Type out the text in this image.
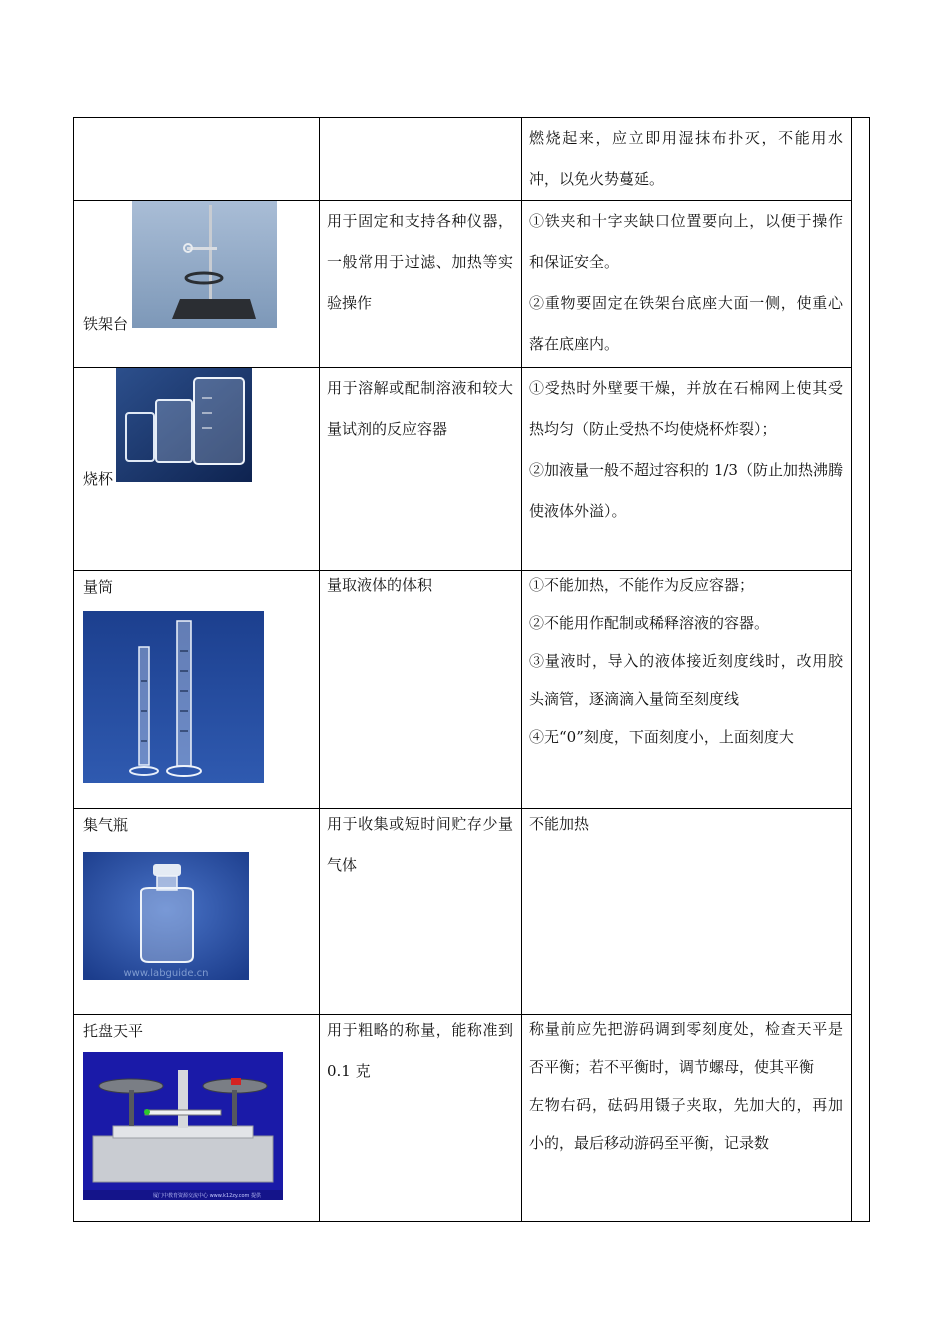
燃烧起来，应立即用湿抹布扑灭，不能用水冲，以免火势蔓延。

铁架台
用于固定和支持各种仪器，一般常用于过滤、加热等实验操作

①铁夹和十字夹缺口位置要向上，以便于操作和保证安全。

②重物要固定在铁架台底座大面一侧，使重心落在底座内。

烧杯
用于溶解或配制溶液和较大量试剂的反应容器

①受热时外壁要干燥，并放在石棉网上使其受热均匀（防止受热不均使烧杯炸裂）；

②加液量一般不超过容积的 1/3（防止加热沸腾使液体外溢）。

量筒	量取液体的体积	①不能加热，不能作为反应容器；

②不能用作配制或稀释溶液的容器。

③量液时，导入的液体接近刻度线时，改用胶头滴管，逐滴滴入量筒至刻度线

④无“0”刻度，下面刻度小，上面刻度大

集气瓶
www.labguide.cn
用于收集或短时间贮存少量气体

不能加热

托盘天平
厦门中教育资源交流中心 www.k12zy.com 提供
用于粗略的称量，能称准到 0.1 克

称量前应先把游码调到零刻度处，检查天平是否平衡；若不平衡时，调节螺母，使其平衡

左物右码，砝码用镊子夹取，先加大的，再加小的，最后移动游码至平衡，记录数
